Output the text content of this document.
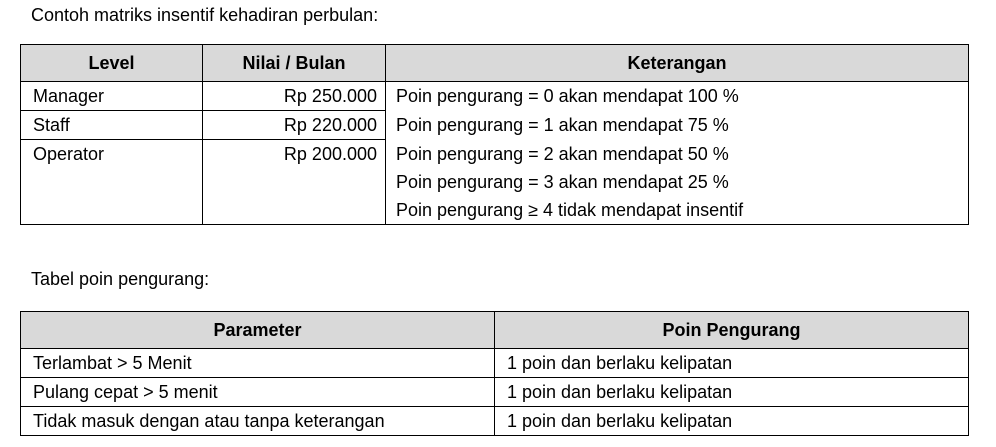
Contoh matriks insentif kehadiran perbulan:
Level	Nilai / Bulan	Keterangan
Manager	Rp 250.000	Poin pengurang = 0 akan mendapat 100 %
Staff	Rp 220.000	Poin pengurang = 1 akan mendapat 75 %
Operator	Rp 200.000	Poin pengurang = 2 akan mendapat 50 %
		Poin pengurang = 3 akan mendapat 25 %
		Poin pengurang ≥ 4 tidak mendapat insentif
Tabel poin pengurang:
Parameter	Poin Pengurang
Terlambat > 5 Menit	1 poin dan berlaku kelipatan
Pulang cepat > 5 menit	1 poin dan berlaku kelipatan
Tidak masuk dengan atau tanpa keterangan	1 poin dan berlaku kelipatan
